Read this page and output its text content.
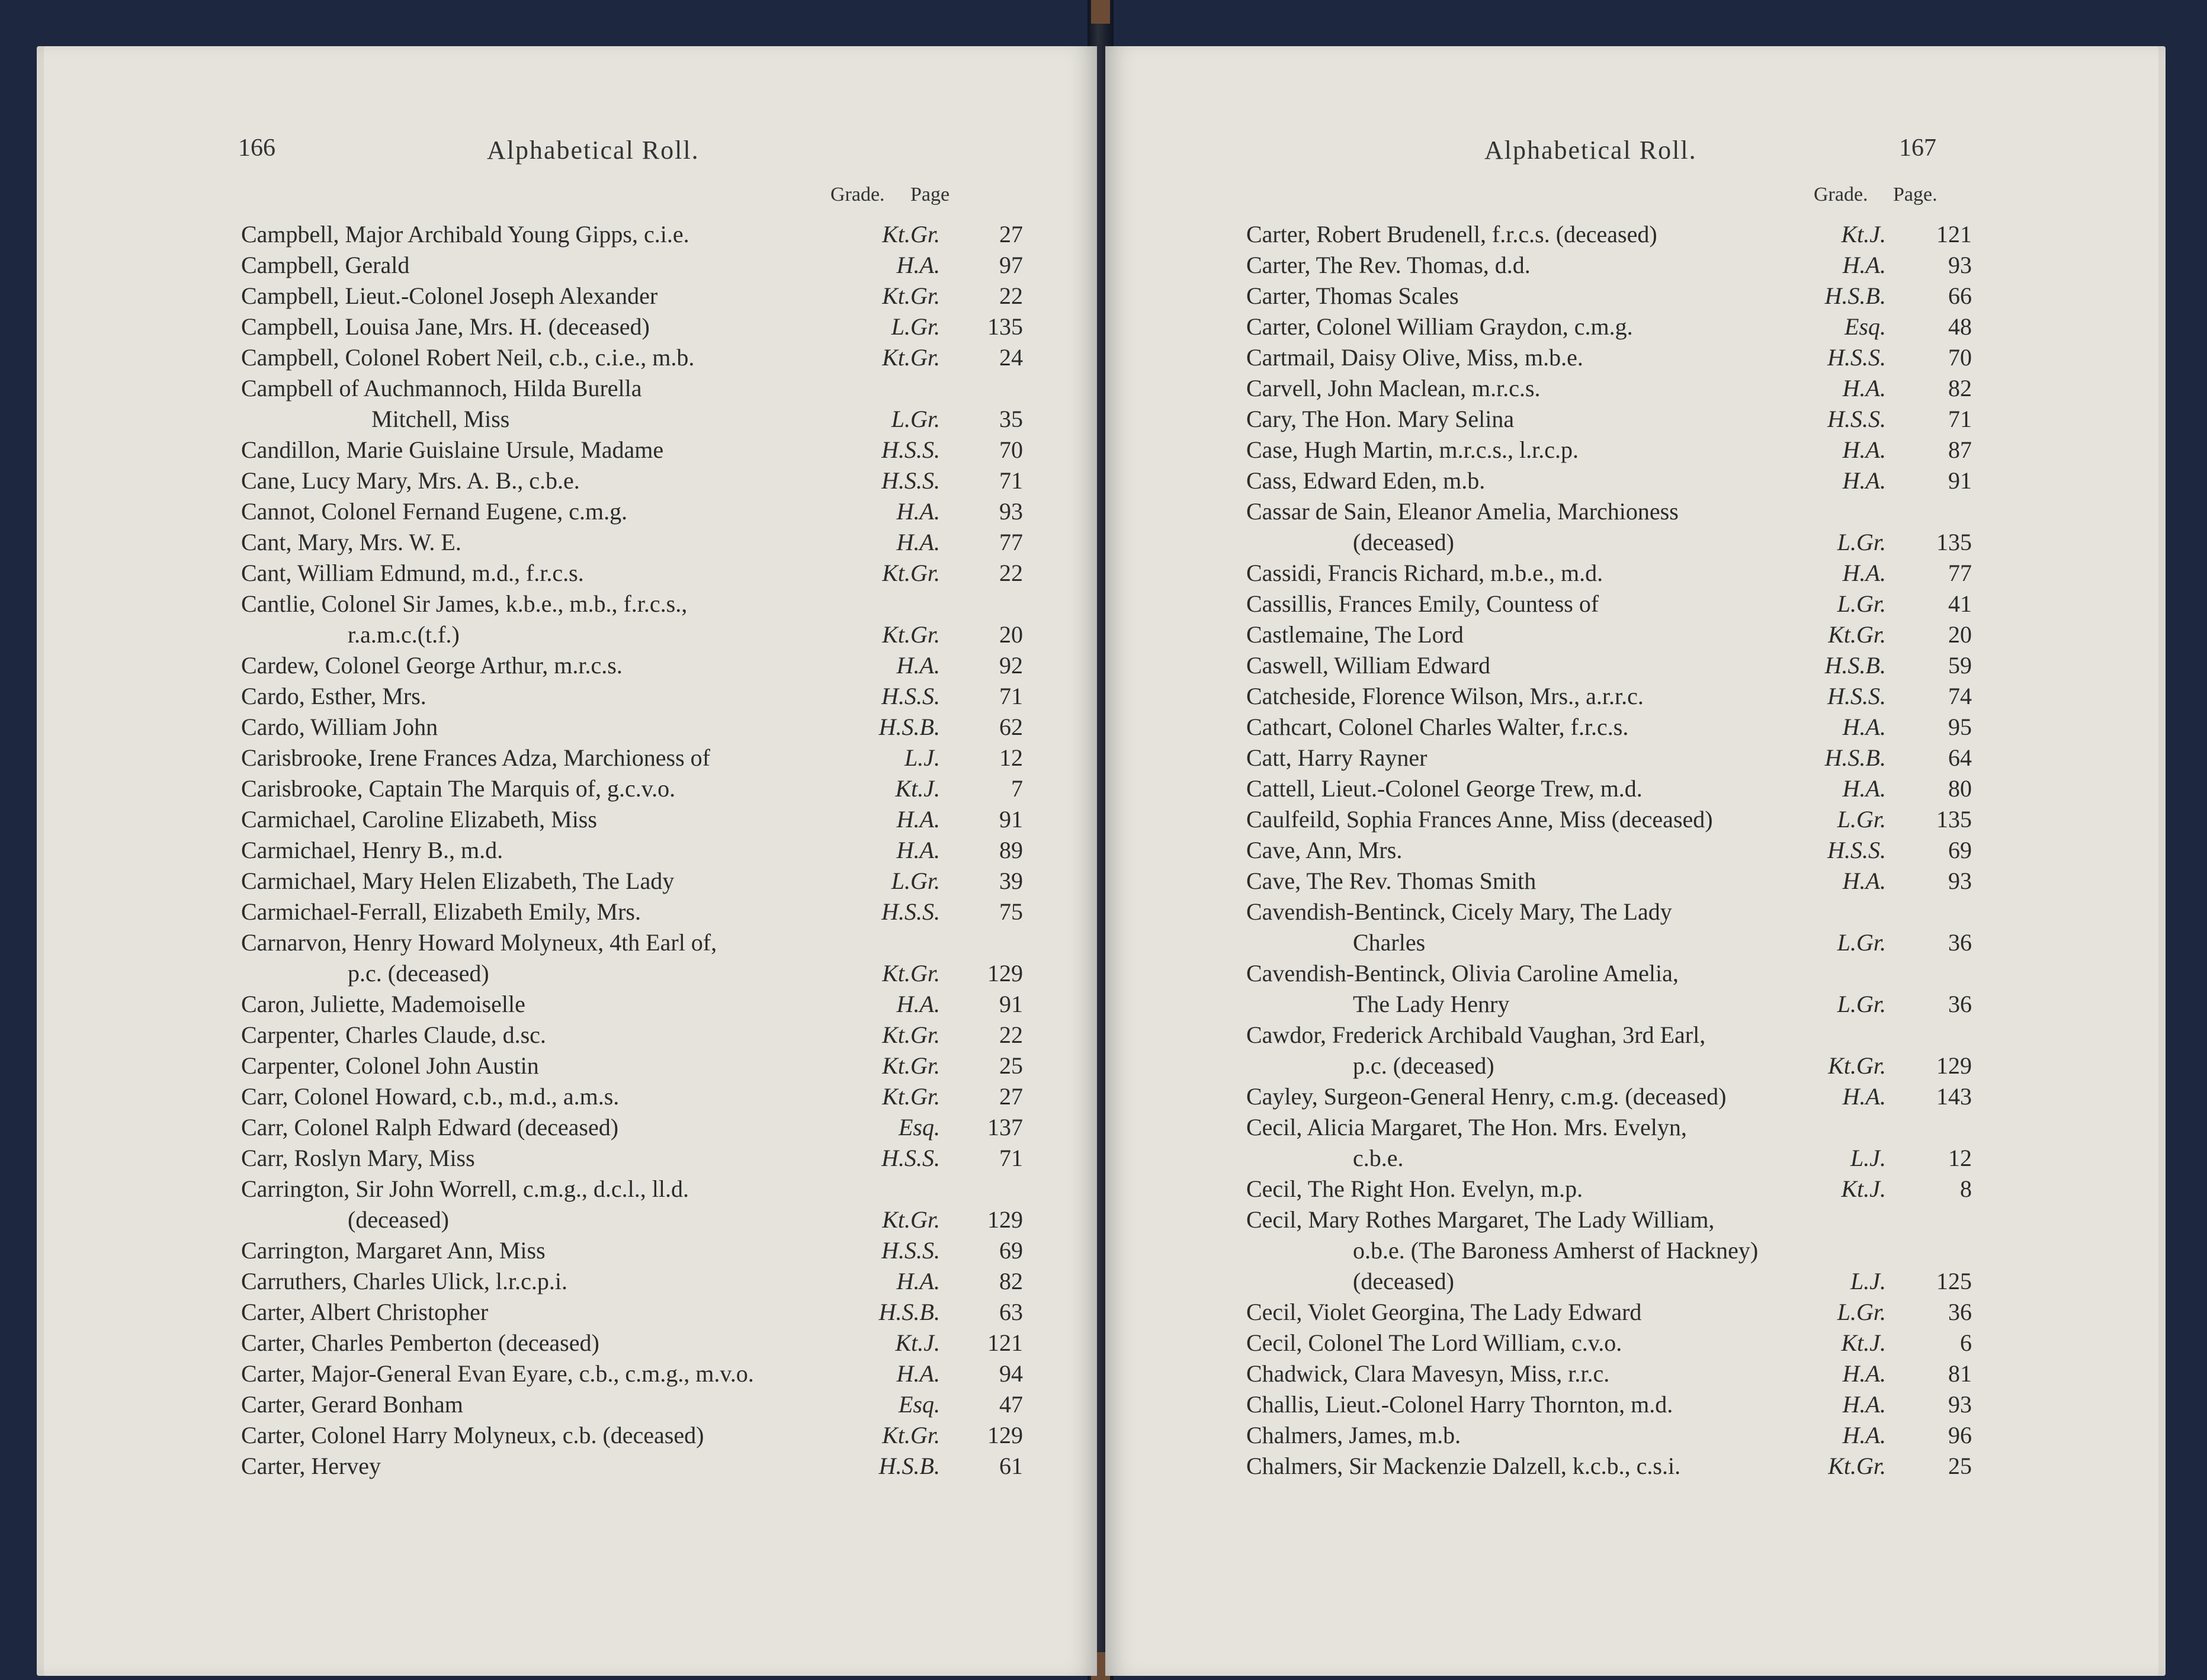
166	Alphabetical Roll.
Grade. Page
Campbell, Major Archibald Young Gipps, c.i.e.	Kt.Gr.	27
Campbell, Gerald	H.A.	97
Campbell, Lieut.-Colonel Joseph Alexander	Kt.Gr.	22
Campbell, Louisa Jane, Mrs. H. (deceased)	L.Gr.	135
Campbell, Colonel Robert Neil, c.b., c.i.e., m.b.	Kt.Gr.	24
Campbell of Auchmannoch, Hilda Burella
Mitchell, Miss	L.Gr.	35
Candillon, Marie Guislaine Ursule, Madame	H.S.S.	70
Cane, Lucy Mary, Mrs. A. B., c.b.e.	H.S.S.	71
Cannot, Colonel Fernand Eugene, c.m.g.	H.A.	93
Cant, Mary, Mrs. W. E.	H.A.	77
Cant, William Edmund, m.d., f.r.c.s.	Kt.Gr.	22
Cantlie, Colonel Sir James, k.b.e., m.b., f.r.c.s.,
r.a.m.c.(t.f.)	Kt.Gr.	20
Cardew, Colonel George Arthur, m.r.c.s.	H.A.	92
Cardo, Esther, Mrs.	H.S.S.	71
Cardo, William John	H.S.B.	62
Carisbrooke, Irene Frances Adza, Marchioness of	L.J.	12
Carisbrooke, Captain The Marquis of, g.c.v.o.	Kt.J.	7
Carmichael, Caroline Elizabeth, Miss	H.A.	91
Carmichael, Henry B., m.d.	H.A.	89
Carmichael, Mary Helen Elizabeth, The Lady	L.Gr.	39
Carmichael-Ferrall, Elizabeth Emily, Mrs.	H.S.S.	75
Carnarvon, Henry Howard Molyneux, 4th Earl of,
p.c. (deceased)	Kt.Gr.	129
Caron, Juliette, Mademoiselle	H.A.	91
Carpenter, Charles Claude, d.sc.	Kt.Gr.	22
Carpenter, Colonel John Austin	Kt.Gr.	25
Carr, Colonel Howard, c.b., m.d., a.m.s.	Kt.Gr.	27
Carr, Colonel Ralph Edward (deceased)	Esq.	137
Carr, Roslyn Mary, Miss	H.S.S.	71
Carrington, Sir John Worrell, c.m.g., d.c.l., ll.d.
(deceased)	Kt.Gr.	129
Carrington, Margaret Ann, Miss	H.S.S.	69
Carruthers, Charles Ulick, l.r.c.p.i.	H.A.	82
Carter, Albert Christopher	H.S.B.	63
Carter, Charles Pemberton (deceased)	Kt.J.	121
Carter, Major-General Evan Eyare, c.b., c.m.g., m.v.o.	H.A.	94
Carter, Gerard Bonham	Esq.	47
Carter, Colonel Harry Molyneux, c.b. (deceased)	Kt.Gr.	129
Carter, Hervey	H.S.B.	61
Alphabetical Roll.	167
Grade. Page.
Carter, Robert Brudenell, f.r.c.s. (deceased)	Kt.J.	121
Carter, The Rev. Thomas, d.d.	H.A.	93
Carter, Thomas Scales	H.S.B.	66
Carter, Colonel William Graydon, c.m.g.	Esq.	48
Cartmail, Daisy Olive, Miss, m.b.e.	H.S.S.	70
Carvell, John Maclean, m.r.c.s.	H.A.	82
Cary, The Hon. Mary Selina	H.S.S.	71
Case, Hugh Martin, m.r.c.s., l.r.c.p.	H.A.	87
Cass, Edward Eden, m.b.	H.A.	91
Cassar de Sain, Eleanor Amelia, Marchioness
(deceased)	L.Gr.	135
Cassidi, Francis Richard, m.b.e., m.d.	H.A.	77
Cassillis, Frances Emily, Countess of	L.Gr.	41
Castlemaine, The Lord	Kt.Gr.	20
Caswell, William Edward	H.S.B.	59
Catcheside, Florence Wilson, Mrs., a.r.r.c.	H.S.S.	74
Cathcart, Colonel Charles Walter, f.r.c.s.	H.A.	95
Catt, Harry Rayner	H.S.B.	64
Cattell, Lieut.-Colonel George Trew, m.d.	H.A.	80
Caulfeild, Sophia Frances Anne, Miss (deceased)	L.Gr.	135
Cave, Ann, Mrs.	H.S.S.	69
Cave, The Rev. Thomas Smith	H.A.	93
Cavendish-Bentinck, Cicely Mary, The Lady
Charles	L.Gr.	36
Cavendish-Bentinck, Olivia Caroline Amelia,
The Lady Henry	L.Gr.	36
Cawdor, Frederick Archibald Vaughan, 3rd Earl,
p.c. (deceased)	Kt.Gr.	129
Cayley, Surgeon-General Henry, c.m.g. (deceased)	H.A.	143
Cecil, Alicia Margaret, The Hon. Mrs. Evelyn,
c.b.e.	L.J.	12
Cecil, The Right Hon. Evelyn, m.p.	Kt.J.	8
Cecil, Mary Rothes Margaret, The Lady William,
o.b.e. (The Baroness Amherst of Hackney)
(deceased)	L.J.	125
Cecil, Violet Georgina, The Lady Edward	L.Gr.	36
Cecil, Colonel The Lord William, c.v.o.	Kt.J.	6
Chadwick, Clara Mavesyn, Miss, r.r.c.	H.A.	81
Challis, Lieut.-Colonel Harry Thornton, m.d.	H.A.	93
Chalmers, James, m.b.	H.A.	96
Chalmers, Sir Mackenzie Dalzell, k.c.b., c.s.i.	Kt.Gr.	25
